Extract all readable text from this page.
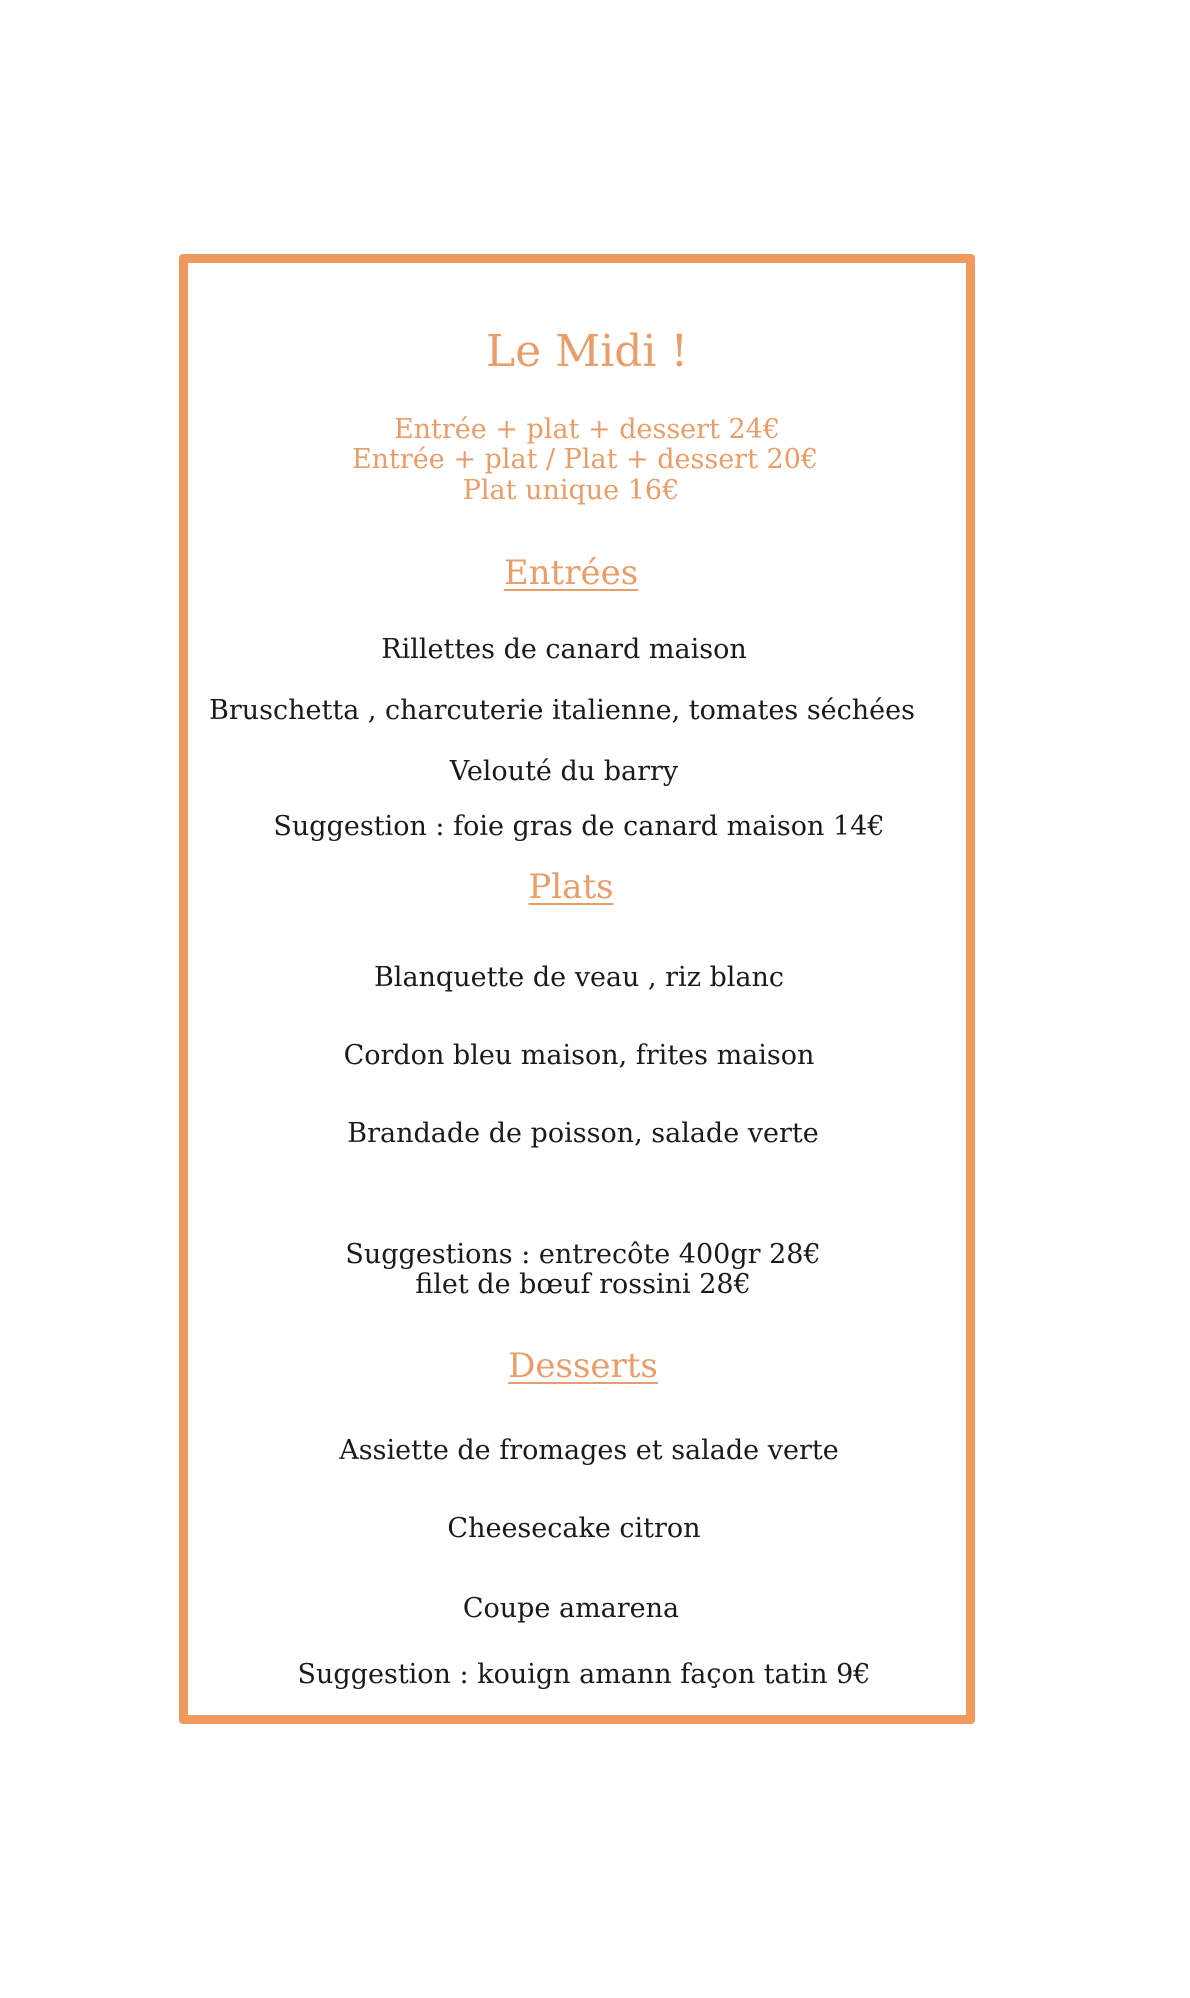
Le Midi !
Entrée + plat + dessert 24€
Entrée + plat / Plat + dessert 20€
Plat unique 16€
Entrées
Rillettes de canard maison
Bruschetta , charcuterie italienne, tomates séchées
Velouté du barry
Suggestion : foie gras de canard maison 14€
Plats
Blanquette de veau , riz blanc
Cordon bleu maison, frites maison
Brandade de poisson, salade verte
Suggestions : entrecôte 400gr 28€
filet de bœuf rossini 28€
Desserts
Assiette de fromages et salade verte
Cheesecake citron
Coupe amarena
Suggestion : kouign amann façon tatin 9€
